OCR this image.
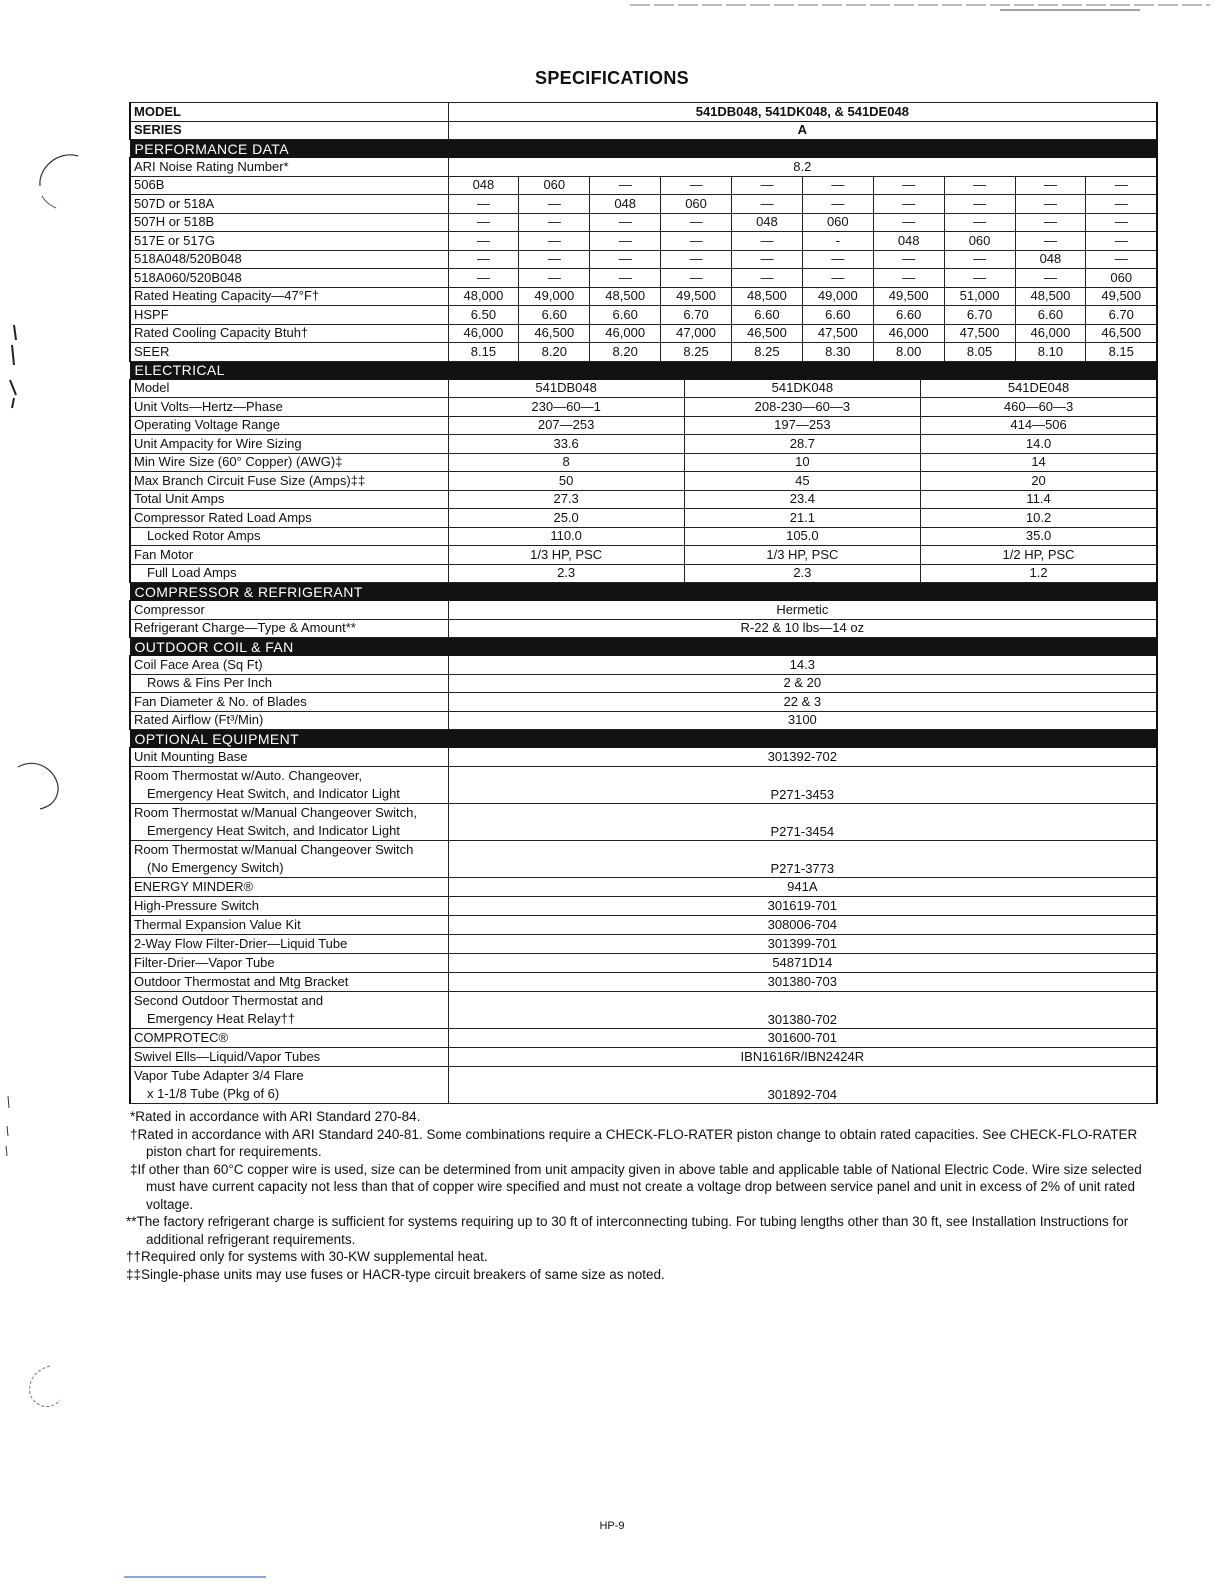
SPECIFICATIONS
MODEL	541DB048, 541DK048, & 541DE048											
SERIES	A											
PERFORMANCE DATA												
ARI Noise Rating Number*	8.2											
506B	048	060	—	—		—	—	—		—	—	—
507D or 518A	—	—	048	060		—	—	—		—	—	—
507H or 518B	—	—	—	—		048	060	—		—	—	—
517E or 517G	—	—	—	—		—	-	048		060	—	—
518A048/520B048	—	—	—	—		—	—	—		—	048	—
518A060/520B048	—	—	—	—		—	—	—		—	—	060
Rated Heating Capacity—47°F†	48,000	49,000	48,500	49,500		48,500	49,000	49,500		51,000	48,500	49,500
HSPF	6.50	6.60	6.60	6.70		6.60	6.60	6.60		6.70	6.60	6.70
Rated Cooling Capacity Btuh†	46,000	46,500	46,000	47,000		46,500	47,500	46,000		47,500	46,000	46,500
SEER	8.15	8.20	8.20	8.25		8.25	8.30	8.00		8.05	8.10	8.15
ELECTRICAL												
Model	541DB048				541DK048				541DE048			
Unit Volts—Hertz—Phase	230—60—1				208-230—60—3				460—60—3			
Operating Voltage Range	207—253				197—253				414—506			
Unit Ampacity for Wire Sizing	33.6				28.7				14.0			
Min Wire Size (60° Copper) (AWG)‡	8				10				14			
Max Branch Circuit Fuse Size (Amps)‡‡	50				45				20			
Total Unit Amps	27.3				23.4				11.4			
Compressor Rated Load Amps	25.0				21.1				10.2			
Locked Rotor Amps	110.0				105.0				35.0			
Fan Motor	1/3 HP, PSC				1/3 HP, PSC				1/2 HP, PSC			
Full Load Amps	2.3				2.3				1.2			
COMPRESSOR & REFRIGERANT												
Compressor	Hermetic											
Refrigerant Charge—Type & Amount**	R-22 & 10 lbs—14 oz											
OUTDOOR COIL & FAN												
Coil Face Area (Sq Ft)	14.3											
Rows & Fins Per Inch	2 & 20											
Fan Diameter & No. of Blades	22 & 3											
Rated Airflow (Ft³/Min)	3100											
OPTIONAL EQUIPMENT												

Unit Mounting Base	301392-702											

Room Thermostat w/Auto. Changeover,
Emergency Heat Switch, and Indicator Light	P271-3453											

Room Thermostat w/Manual Changeover Switch,
Emergency Heat Switch, and Indicator Light	P271-3454											

Room Thermostat w/Manual Changeover Switch
(No Emergency Switch)	P271-3773											

ENERGY MINDER®	941A											

High-Pressure Switch	301619-701											

Thermal Expansion Value Kit	308006-704											

2-Way Flow Filter-Drier—Liquid Tube	301399-701											

Filter-Drier—Vapor Tube	54871D14											

Outdoor Thermostat and Mtg Bracket	301380-703											

Second Outdoor Thermostat and
Emergency Heat Relay††	301380-702											

COMPROTEC®	301600-701											

Swivel Ells—Liquid/Vapor Tubes	IBN1616R/IBN2424R											

Vapor Tube Adapter 3/4 Flare
x 1-1/8 Tube (Pkg of 6)	301892-704											
*Rated in accordance with ARI Standard 270-84.
†Rated in accordance with ARI Standard 240-81. Some combinations require a CHECK-FLO-RATER piston change to obtain rated capacities. See CHECK-FLO-RATER piston chart for requirements.
‡If other than 60°C copper wire is used, size can be determined from unit ampacity given in above table and applicable table of National Electric Code. Wire size selected must have current capacity not less than that of copper wire specified and must not create a voltage drop between service panel and unit in excess of 2% of unit rated voltage.
**The factory refrigerant charge is sufficient for systems requiring up to 30 ft of interconnecting tubing. For tubing lengths other than 30 ft, see Installation Instructions for additional refrigerant requirements.
††Required only for systems with 30-KW supplemental heat.
‡‡Single-phase units may use fuses or HACR-type circuit breakers of same size as noted.
HP-9
